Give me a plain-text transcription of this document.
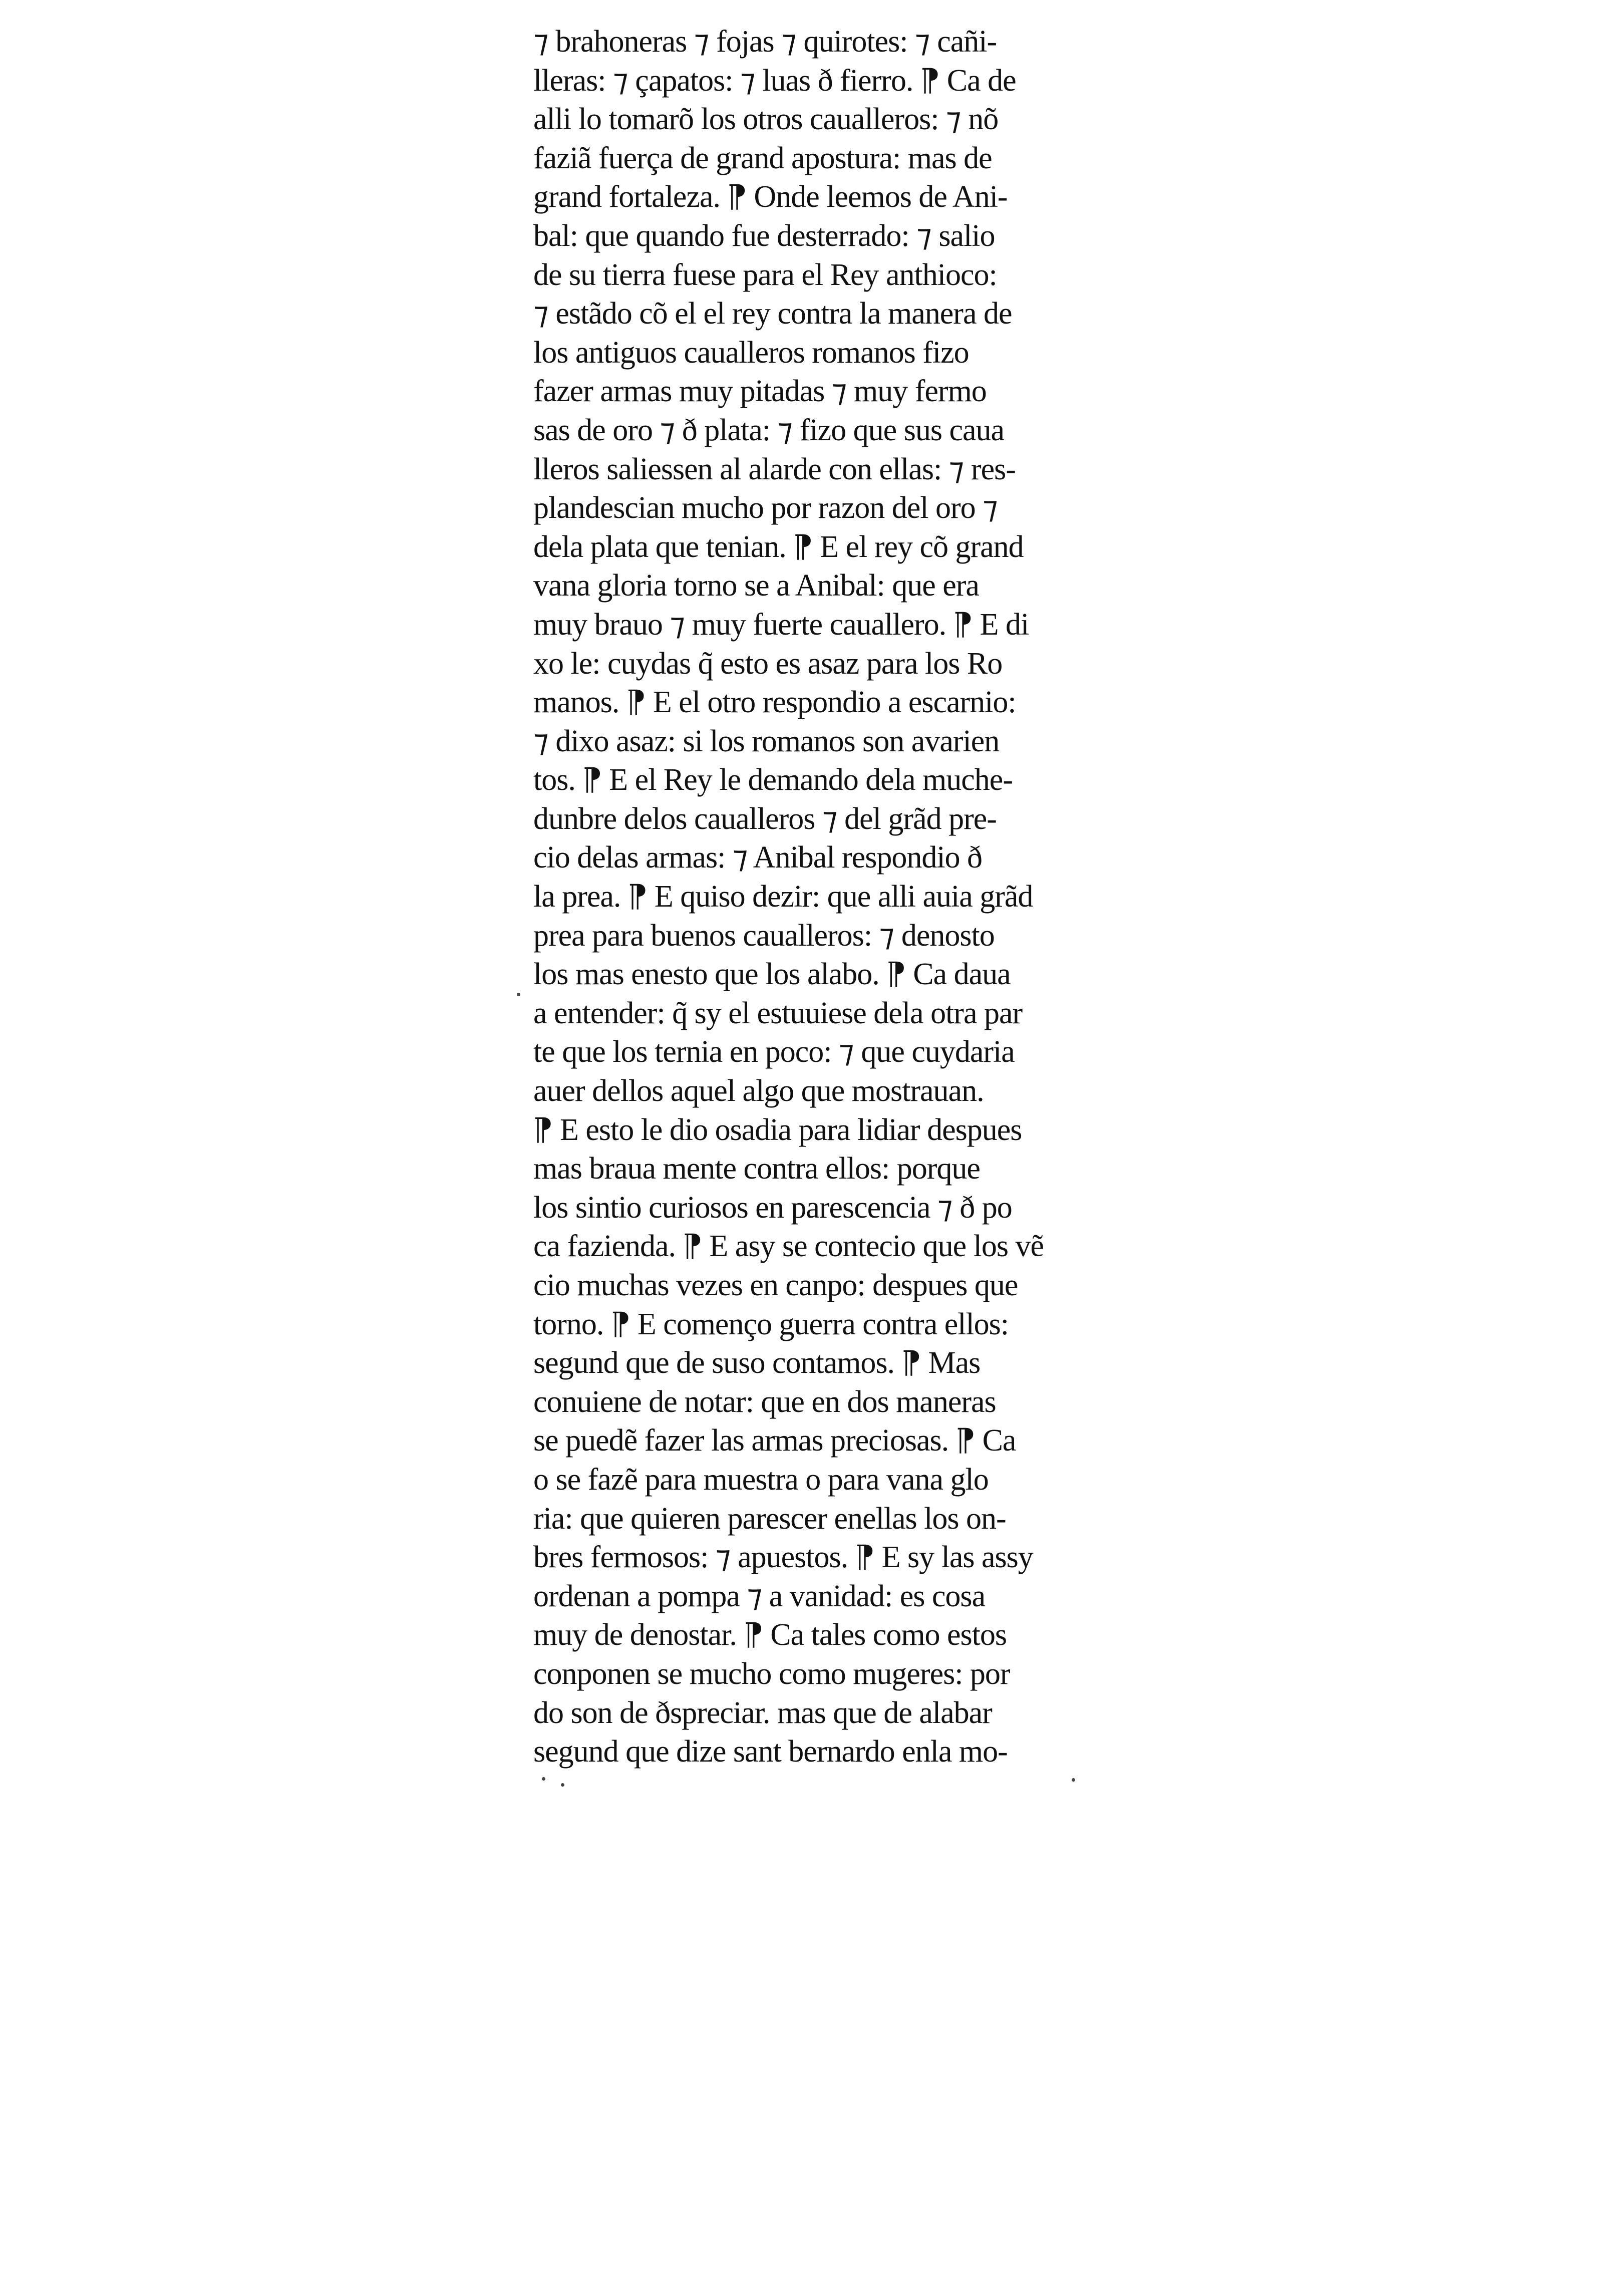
⁊ brahoneras ⁊ fojas ⁊ quirotes: ⁊ cañi-
lleras: ⁊ çapatos: ⁊ luas ð fierro. ⁋ Ca de
alli lo tomarõ los otros caualleros: ⁊ nõ
faziã fuerça de grand apostura: mas de
grand fortaleza. ⁋ Onde leemos de Ani-
bal: que quando fue desterrado: ⁊ salio
de su tierra fuese para el Rey anthioco:
⁊ estãdo cõ el el rey contra la manera de
los antiguos caualleros romanos fizo
fazer armas muy pitadas ⁊ muy fermo
sas de oro ⁊ ð plata: ⁊ fizo que sus caua
lleros saliessen al alarde con ellas: ⁊ res-
plandescian mucho por razon del oro ⁊
dela plata que tenian. ⁋ E el rey cõ grand
vana gloria torno se a Anibal: que era
muy brauo ⁊ muy fuerte cauallero. ⁋ E di
xo le: cuydas q̃ esto es asaz para los Ro
manos. ⁋ E el otro respondio a escarnio:
⁊ dixo asaz: si los romanos son avarien
tos. ⁋ E el Rey le demando dela muche-
dunbre delos caualleros ⁊ del grãd pre-
cio delas armas: ⁊ Anibal respondio ð
la prea. ⁋ E quiso dezir: que alli auia grãd
prea para buenos caualleros: ⁊ denosto
los mas enesto que los alabo. ⁋ Ca daua
a entender: q̃ sy el estuuiese dela otra par
te que los ternia en poco: ⁊ que cuydaria
auer dellos aquel algo que mostrauan.
⁋ E esto le dio osadia para lidiar despues
mas braua mente contra ellos: porque
los sintio curiosos en parescencia ⁊ ð po
ca fazienda. ⁋ E asy se contecio que los vẽ
cio muchas vezes en canpo: despues que
torno. ⁋ E començo guerra contra ellos:
segund que de suso contamos. ⁋ Mas
conuiene de notar: que en dos maneras
se puedẽ fazer las armas preciosas. ⁋ Ca
o se fazẽ para muestra o para vana glo
ria: que quieren parescer enellas los on-
bres fermosos: ⁊ apuestos. ⁋ E sy las assy
ordenan a pompa ⁊ a vanidad: es cosa
muy de denostar. ⁋ Ca tales como estos
conponen se mucho como mugeres: por
do son de ðspreciar. mas que de alabar
segund que dize sant bernardo enla mo-
